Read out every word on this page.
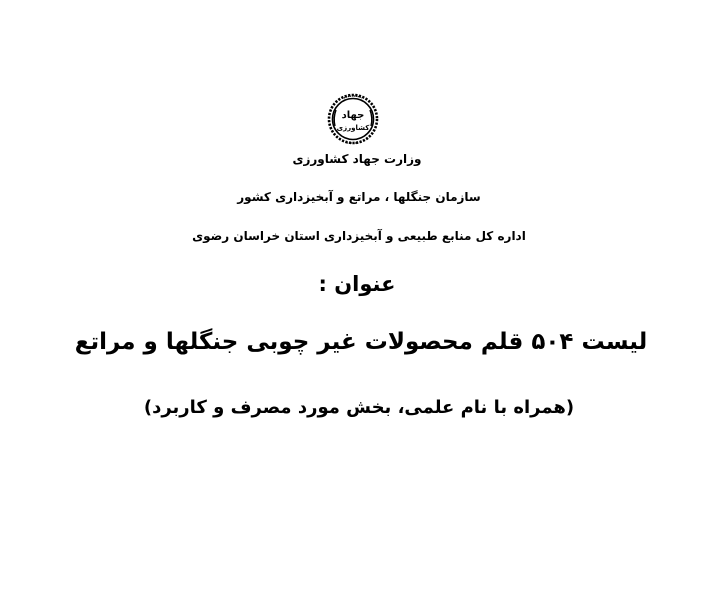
جهاد
کشاورزی
وزارت جهاد کشاورزی
سازمان جنگلها ، مراتع و آبخیزداری کشور
اداره کل منابع طبیعی و آبخیزداری استان خراسان رضوی
عنوان :
لیست ۵۰۴ قلم محصولات غیر چوبی جنگلها و مراتع
(همراه با نام علمی، بخش مورد مصرف و کاربرد)
